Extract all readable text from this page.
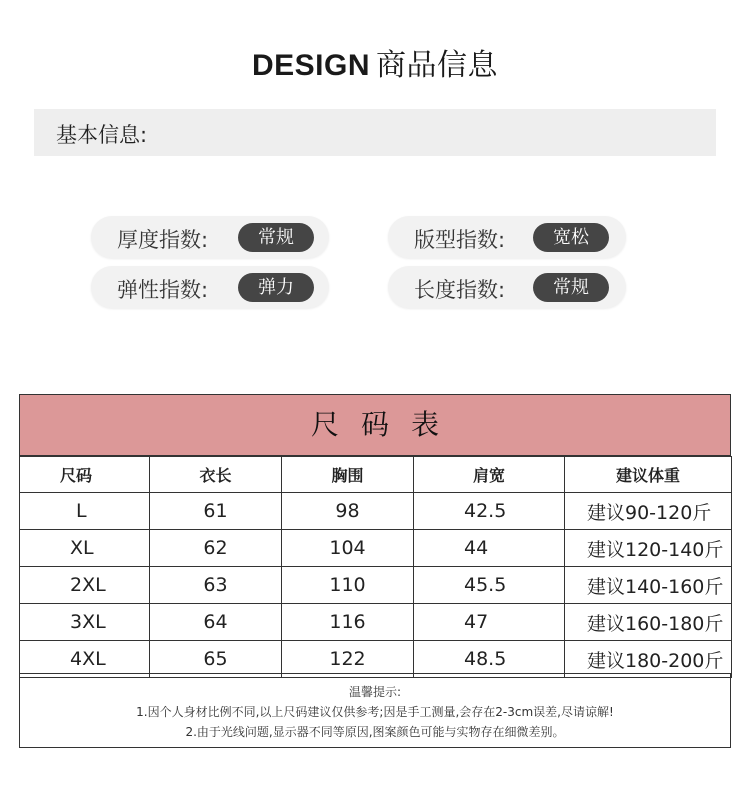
DESIGN 商品信息
基本信息:
厚度指数:	常规	版型指数:	宽松
弹性指数:	弹力	长度指数:	常规
尺码表
尺码	衣长	胸围	肩宽	建议体重
L	61	98	42.5	建议90-120斤
XL	62	104	44	建议120-140斤
2XL	63	110	45.5	建议140-160斤
3XL	64	116	47	建议160-180斤
4XL	65	122	48.5	建议180-200斤
温馨提示:
1.因个人身材比例不同,以上尺码建议仅供参考;因是手工测量,会存在2-3cm误差,尽请谅解!
2.由于光线问题,显示器不同等原因,图案颜色可能与实物存在细微差别。
